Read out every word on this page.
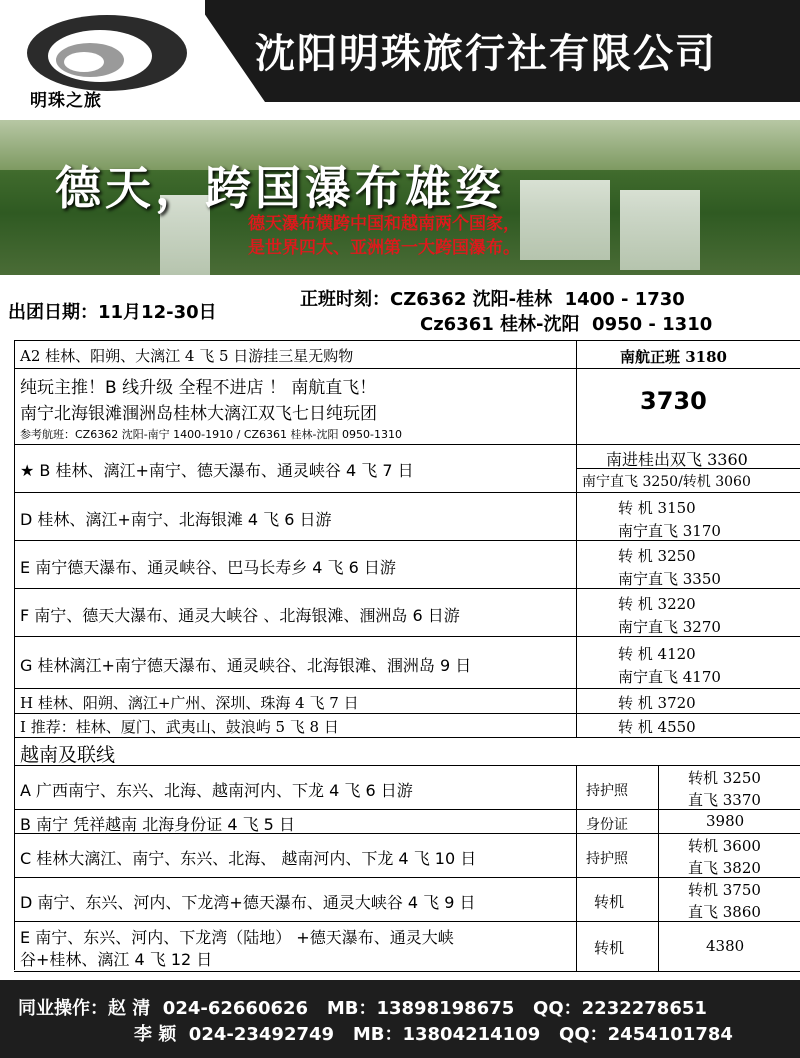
明珠之旅
沈阳明珠旅行社有限公司
德天，跨国瀑布雄姿
德天瀑布横跨中国和越南两个国家，
是世界四大、亚洲第一大跨国瀑布。
出团日期：11月12-30日
正班时刻：CZ6362 沈阳-桂林  1400 - 1730
Cz6361 桂林-沈阳  0950 - 1310
A2 桂林、阳朔、大漓江 4 飞 5 日游挂三星无购物	南航正班 3180
纯玩主推！B 线升级 全程不进店 ！ 南航直飞！
南宁北海银滩涠洲岛桂林大漓江双飞七日纯玩团
参考航班：CZ6362 沈阳-南宁 1400-1910 / CZ6361 桂林-沈阳 0950-1310
3730
★ B 桂林、漓江+南宁、德天瀑布、通灵峡谷 4 飞 7 日
南进桂出双飞 3360
南宁直飞 3250/转机 3060
D 桂林、漓江+南宁、北海银滩 4 飞 6 日游
转 机 3150
南宁直飞 3170
E 南宁德天瀑布、通灵峡谷、巴马长寿乡 4 飞 6 日游
转 机 3250
南宁直飞 3350
F 南宁、德天大瀑布、通灵大峡谷 、北海银滩、涠洲岛 6 日游
转 机 3220
南宁直飞 3270
G 桂林漓江+南宁德天瀑布、通灵峡谷、北海银滩、涠洲岛 9 日
转 机 4120
南宁直飞 4170
H 桂林、阳朔、漓江+广州、深圳、珠海 4 飞 7 日	转 机 3720
I 推荐：桂林、厦门、武夷山、鼓浪屿 5 飞 8 日	转 机 4550
越南及联线
A 广西南宁、东兴、北海、越南河内、下龙 4 飞 6 日游	持护照
转机 3250
直飞 3370
B 南宁 凭祥越南 北海身份证 4 飞 5 日	身份证	3980
C 桂林大漓江、南宁、东兴、北海、 越南河内、下龙 4 飞 10 日	持护照
转机 3600
直飞 3820
D 南宁、东兴、河内、下龙湾+德天瀑布、通灵大峡谷 4 飞 9 日	转机
转机 3750
直飞 3860
E 南宁、东兴、河内、下龙湾（陆地） +德天瀑布、通灵大峡
谷+桂林、漓江 4 飞 12 日
转机	4380
同业操作：赵 清  024-62660626   MB：13898198675   QQ：2232278651
李 颖  024-23492749   MB：13804214109   QQ：2454101784
